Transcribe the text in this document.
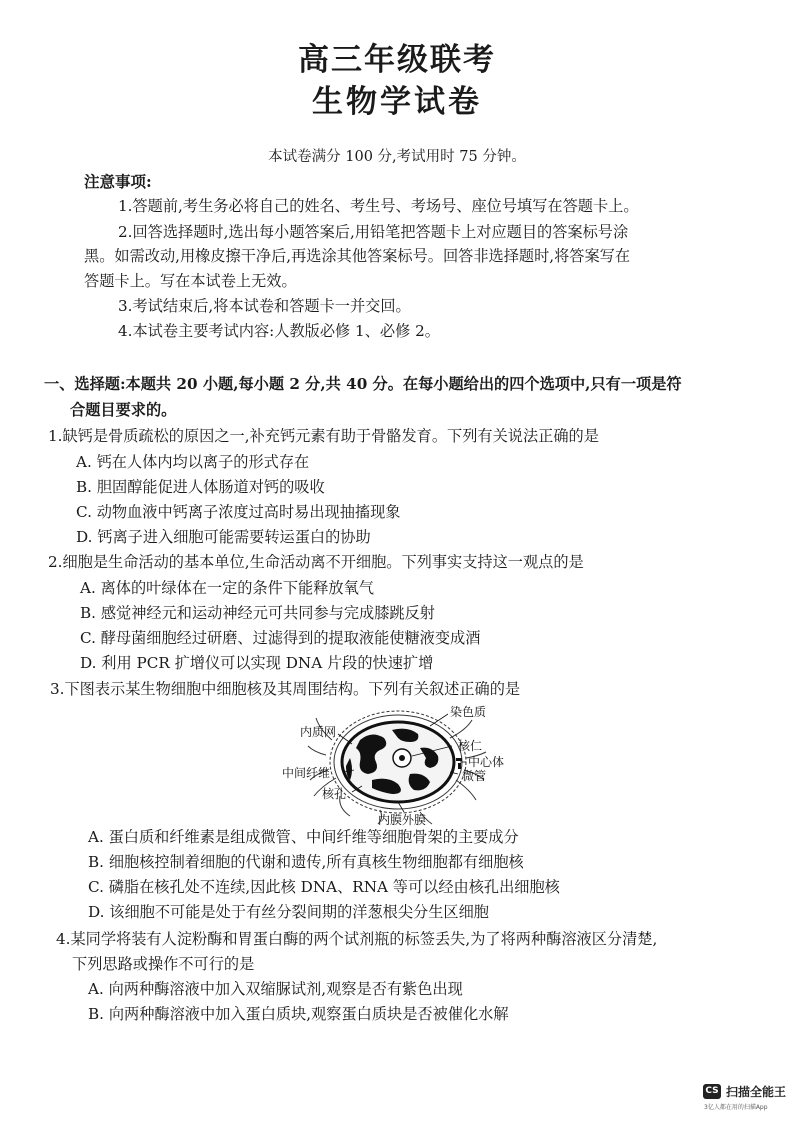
高三年级联考
生物学试卷
本试卷满分 100 分,考试用时 75 分钟。
注意事项:
1.答题前,考生务必将自己的姓名、考生号、考场号、座位号填写在答题卡上。
2.回答选择题时,选出每小题答案后,用铅笔把答题卡上对应题目的答案标号涂
黑。如需改动,用橡皮擦干净后,再选涂其他答案标号。回答非选择题时,将答案写在
答题卡上。写在本试卷上无效。
3.考试结束后,将本试卷和答题卡一并交回。
4.本试卷主要考试内容:人教版必修 1、必修 2。
一、选择题:本题共 20 小题,每小题 2 分,共 40 分。在每小题给出的四个选项中,只有一项是符
合题目要求的。
1.缺钙是骨质疏松的原因之一,补充钙元素有助于骨骼发育。下列有关说法正确的是
A. 钙在人体内均以离子的形式存在
B. 胆固醇能促进人体肠道对钙的吸收
C. 动物血液中钙离子浓度过高时易出现抽搐现象
D. 钙离子进入细胞可能需要转运蛋白的协助
2.细胞是生命活动的基本单位,生命活动离不开细胞。下列事实支持这一观点的是
A. 离体的叶绿体在一定的条件下能释放氧气
B. 感觉神经元和运动神经元可共同参与完成膝跳反射
C. 酵母菌细胞经过研磨、过滤得到的提取液能使糖液变成酒
D. 利用 PCR 扩增仪可以实现 DNA 片段的快速扩增
3.下图表示某生物细胞中细胞核及其周围结构。下列有关叙述正确的是
染色质
内质网
核仁
中心体
微管
中间纤维
核孔
内膜外膜
A. 蛋白质和纤维素是组成微管、中间纤维等细胞骨架的主要成分
B. 细胞核控制着细胞的代谢和遗传,所有真核生物细胞都有细胞核
C. 磷脂在核孔处不连续,因此核 DNA、RNA 等可以经由核孔出细胞核
D. 该细胞不可能是处于有丝分裂间期的洋葱根尖分生区细胞
4.某同学将装有人淀粉酶和胃蛋白酶的两个试剂瓶的标签丢失,为了将两种酶溶液区分清楚,
下列思路或操作不可行的是
A. 向两种酶溶液中加入双缩脲试剂,观察是否有紫色出现
B. 向两种酶溶液中加入蛋白质块,观察蛋白质块是否被催化水解
CS 扫描全能王
3亿人都在用的扫描App
